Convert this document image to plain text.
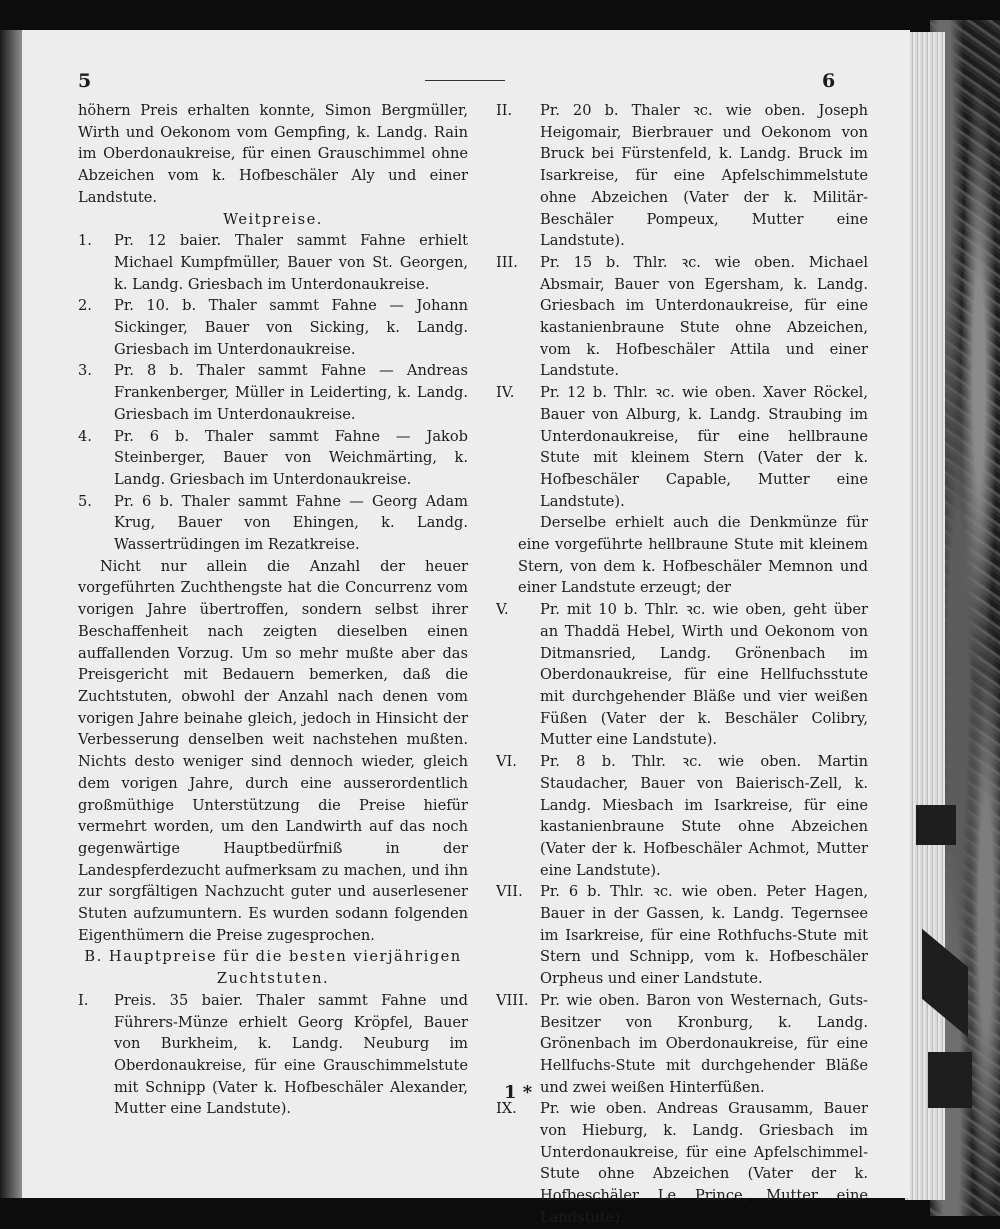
5	6

höhern Preis erhalten konnte, Simon Bergmüller, Wirth und Oekonom vom Gempfing, k. Landg. Rain im Oberdonaukreise, für einen Grauschimmel ohne Abzeichen vom k. Hofbeschäler Aly und einer Landstute.

Weitpreise.

1. Pr. 12 baier. Thaler sammt Fahne erhielt Michael Kumpfmüller, Bauer von St. Georgen, k. Landg. Griesbach im Unterdonaukreise.

2. Pr. 10. b. Thaler sammt Fahne — Johann Sickinger, Bauer von Sicking, k. Landg. Griesbach im Unterdonaukreise.

3. Pr. 8 b. Thaler sammt Fahne — Andreas Frankenberger, Müller in Leiderting, k. Landg. Griesbach im Unterdonaukreise.

4. Pr. 6 b. Thaler sammt Fahne — Jakob Steinberger, Bauer von Weichmärting, k. Landg. Griesbach im Unterdonaukreise.

5. Pr. 6 b. Thaler sammt Fahne — Georg Adam Krug, Bauer von Ehingen, k. Landg. Wassertrüdingen im Rezatkreise.

Nicht nur allein die Anzahl der heuer vorgeführten Zuchthengste hat die Concurrenz vom vorigen Jahre übertroffen, sondern selbst ihrer Beschaffenheit nach zeigten dieselben einen auffallenden Vorzug. Um so mehr mußte aber das Preisgericht mit Bedauern bemerken, daß die Zuchtstuten, obwohl der Anzahl nach denen vom vorigen Jahre beinahe gleich, jedoch in Hinsicht der Verbesserung denselben weit nachstehen mußten. Nichts desto weniger sind dennoch wieder, gleich dem vorigen Jahre, durch eine ausserordentlich großmüthige Unterstützung die Preise hiefür vermehrt worden, um den Landwirth auf das noch gegenwärtige Hauptbedürfniß in der Landespferdezucht aufmerksam zu machen, und ihn zur sorgfältigen Nachzucht guter und auserlesener Stuten aufzumuntern. Es wurden sodann folgenden Eigenthümern die Preise zugesprochen.

B. Hauptpreise für die besten vierjährigen Zuchtstuten.

I. Preis. 35 baier. Thaler sammt Fahne und Führers-Münze erhielt Georg Kröpfel, Bauer von Burkheim, k. Landg. Neuburg im Oberdonaukreise, für eine Grauschimmelstute mit Schnipp (Vater k. Hofbeschäler Alexander, Mutter eine Landstute).

II. Pr. 20 b. Thaler ꝛc. wie oben. Joseph Heigomair, Bierbrauer und Oekonom von Bruck bei Fürstenfeld, k. Landg. Bruck im Isarkreise, für eine Apfelschimmelstute ohne Abzeichen (Vater der k. Militär-Beschäler Pompeux, Mutter eine Landstute).

III. Pr. 15 b. Thlr. ꝛc. wie oben. Michael Absmair, Bauer von Egersham, k. Landg. Griesbach im Unterdonaukreise, für eine kastanienbraune Stute ohne Abzeichen, vom k. Hofbeschäler Attila und einer Landstute.

IV. Pr. 12 b. Thlr. ꝛc. wie oben. Xaver Röckel, Bauer von Alburg, k. Landg. Straubing im Unterdonaukreise, für eine hellbraune Stute mit kleinem Stern (Vater der k. Hofbeschäler Capable, Mutter eine Landstute).

Derselbe erhielt auch die Denkmünze für eine vorgeführte hellbraune Stute mit kleinem Stern, von dem k. Hofbeschäler Memnon und einer Landstute erzeugt; der

V. Pr. mit 10 b. Thlr. ꝛc. wie oben, geht über an Thaddä Hebel, Wirth und Oekonom von Ditmansried, Landg. Grönenbach im Oberdonaukreise, für eine Hellfuchsstute mit durchgehender Bläße und vier weißen Füßen (Vater der k. Beschäler Colibry, Mutter eine Landstute).

VI. Pr. 8 b. Thlr. ꝛc. wie oben. Martin Staudacher, Bauer von Baierisch-Zell, k. Landg. Miesbach im Isarkreise, für eine kastanienbraune Stute ohne Abzeichen (Vater der k. Hofbeschäler Achmot, Mutter eine Landstute).

VII. Pr. 6 b. Thlr. ꝛc. wie oben. Peter Hagen, Bauer in der Gassen, k. Landg. Tegernsee im Isarkreise, für eine Rothfuchs-Stute mit Stern und Schnipp, vom k. Hofbeschäler Orpheus und einer Landstute.

VIII. Pr. wie oben. Baron von Westernach, Guts-Besitzer von Kronburg, k. Landg. Grönenbach im Oberdonaukreise, für eine Hellfuchs-Stute mit durchgehender Bläße und zwei weißen Hinterfüßen.

IX. Pr. wie oben. Andreas Grausamm, Bauer von Hieburg, k. Landg. Griesbach im Unterdonaukreise, für eine Apfelschimmel-Stute ohne Abzeichen (Vater der k. Hofbeschäler Le Prince, Mutter eine Landstute).

1 *
